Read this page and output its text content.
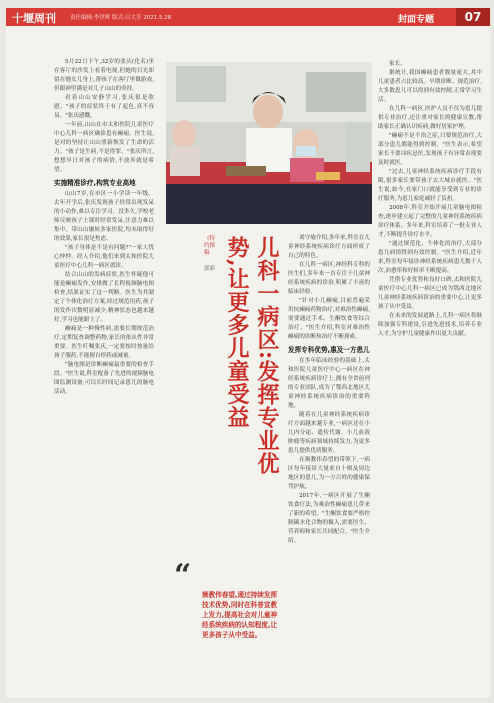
十堰周刊	责任编辑:李世辉 版式:吕大芳 2021.5.28	封面专题	07

5月22日下午,32岁的张庆(化名)坐在客厅的沙发上看着电视,但她的目光却留在她女儿身上,帮孩子在客厅里做游戏,但眼神里满是对儿子山山的牵挂。

看着山山安静学习,张庆很是欣慰。"孩子的症状终于有了起色,真不容易。"张庆感慨。

一年前,山山在市太和医院儿童医疗中心儿科一病区确诊患有癫痫。医生说,是对的坚持让山山重新焕发了生命的活力。"孩子是生病,不是得罪。"张庆所言,想想早日对孩子的病情,不放弃就是希望。

实施精准诊疗,构筑专业高地

山山7岁,在市区一小学读一年级。去年开学后,张庆发现孩子经常出现发呆的小动作,难以专注学习。没多久,学校老师反映孩子上课时经常发呆,注意力难以集中。带山山辗转多家医院,均未取得好的效果,家长很是焦虑。

"孩子身体是不是有问题?"一家人忧心忡忡。经人介绍,他们来到太和医院儿童医疗中心儿科一病区就诊。

结合山山的发病症状,医生怀疑他可能是癫痫发作,安排做了长程视频脑电图检查,结果证实了这一判断。医生为其制定了个体化治疗方案,经过规范用药,孩子的发作次数明显减少,精神状态也越来越好,学习也能跟上了。

癫痫是一种慢性病,需要长期规范治疗,定期复查调整药物,家长的依从性非常重要。医生叮嘱张庆,一定要按时按量给孩子服药,不能擅自停药或减量。

"脑电图是诊断癫痫最重要的检查手段。"医生说,科室配备了先进的视频脑电图监测设备,可以长时间记录患儿的脑电活动。

《特约撰稿
郭彩	儿科一病区:发挥专业优势,让更多儿童受益	刘守瑜介绍,多年来,科室在儿童神经系统疾病诊疗方面形成了自己的特色。

在儿科一病区,神经科专科的医生们,多年来一直专注于儿童神经系统疾病的诊治,积累了丰富的临床经验。

"针对小儿癫痫,目前普遍采用抗癫痫药物治疗,对难治性癫痫,需要通过手术、生酮饮食等综合治疗。"医生介绍,科室对难治性癫痫的诊断和治疗不断探索。

发挥专科优势,惠及一方患儿

在多年临床经验的基础上,太和医院儿童医疗中心一病区在神经系统疾病诊疗上,拥有全省前列的专业团队,成为了鄂西北地区儿童神经系统疾病诊治的重要阵地。

随着在儿童神经系统疾病诊疗方面越来越专业,一病区还在小儿内分泌、遗传代谢、小儿血液肿瘤等疾病领域持续发力,为更多患儿提供优质服务。

在频教伟春望的带领下,一病区每年接诊大量来自十堰及周边地区的患儿,为一方百姓的健康保驾护航。

2017年,一病区开展了生酮饮食疗法,为难治性癫痫患儿带来了新的希望。"生酮饮食要严格控制碳水化合物的摄入,需要医生、营养师和家长共同配合。"医生介绍。

“
频教伟春望,通过持续发挥技术优势,同时在科普宣教上发力,提高社会对儿童神经系统疾病的认知程度,让更多孩子从中受益。

家长。

据统计,我国癫痫患者数量庞大,其中儿童患者占比较高。早期诊断、规范治疗,大多数患儿可以得到有效控制,正常学习生活。

在儿科一病区,医护人员不仅为患儿提供专业治疗,还注重对家长的健康宣教,帮助家长正确认识疾病,做好居家护理。

"癫痫不是不治之症,只要规范治疗,大部分患儿都能得到控制。"医生表示,希望家长不要讳疾忌医,发现孩子有异常表现要及时就医。

"过去,儿童神经系统疾病诊疗手段有限,很多家长要带孩子去大城市就医。"医生说,如今,在家门口就能享受到专业的诊疗服务,为患儿家庭减轻了负担。

2008年,科室开始开展儿童脑电图检查,逐步建立起了完整的儿童神经系统疾病诊疗体系。多年来,科室培养了一批专业人才,不断提升诊疗水平。

"通过规范化、个体化的治疗,大部分患儿病情得到有效控制。"医生介绍,近年来,科室每年接诊神经系统疾病患儿数千人次,治愈率和好转率不断提高。

凭借专业优势和良好口碑,太和医院儿童医疗中心儿科一病区已成为鄂西北地区儿童神经系统疾病诊治的重要中心,让更多孩子从中受益。

在未来的发展道路上,儿科一病区将继续加强专科建设,引进先进技术,培养专业人才,为守护儿童健康作出更大贡献。
